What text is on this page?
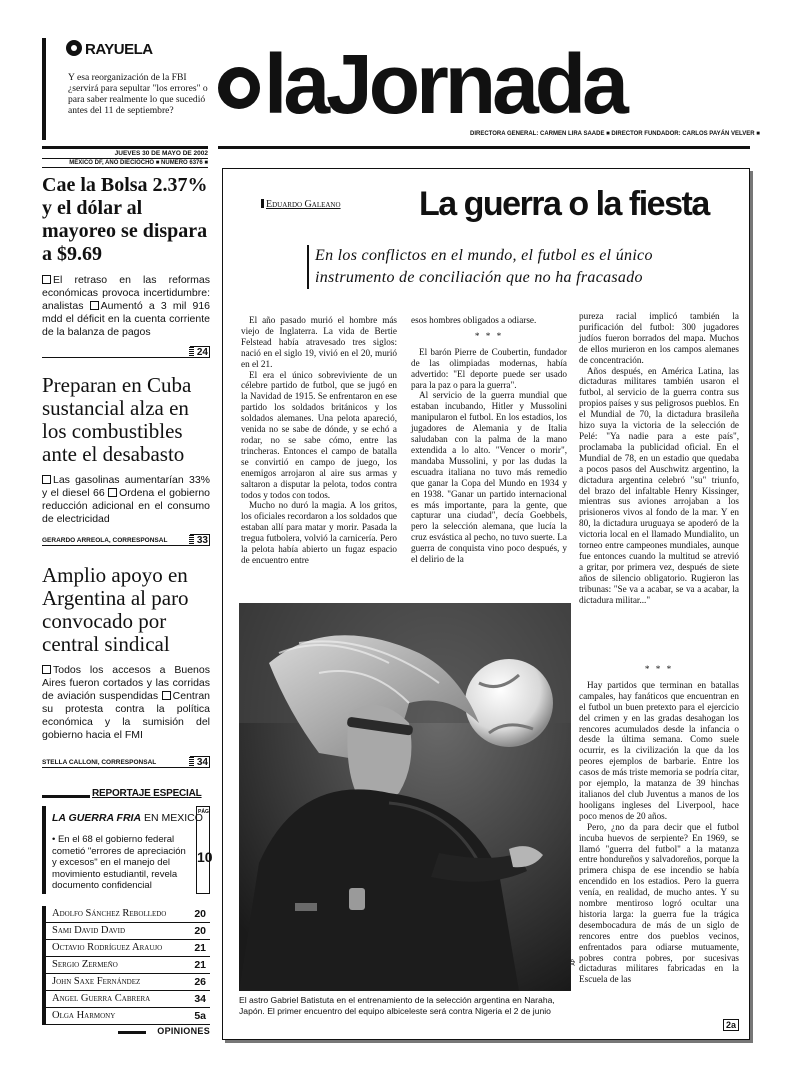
RAYUELA
Y esa reorganización de la FBI ¿servirá para sepultar "los errores" o para saber realmente lo que sucedió antes del 11 de septiembre?	laJornada
DIRECTORA GENERAL: CARMEN LIRA SAADE ■ DIRECTOR FUNDADOR: CARLOS PAYÁN VELVER ■
JUEVES 30 DE MAYO DE 2002
MÉXICO DF, AÑO DIECIOCHO ■ NÚMERO 6376 ■
Cae la Bolsa 2.37% y el dólar al mayoreo se dispara a $9.69
El retraso en las reformas económicas provoca incertidumbre: analistas Aumentó a 3 mil 916 mdd el déficit en la cuenta corriente de la balanza de pagos
24
Preparan en Cuba sustancial alza en los combustibles ante el desabasto
Las gasolinas aumentarían 33% y el diesel 66 Ordena el gobierno reducción adicional en el consumo de electricidad
GERARDO ARREOLA, CORRESPONSAL	33
Amplio apoyo en Argentina al paro convocado por central sindical
Todos los accesos a Buenos Aires fueron cortados y las corridas de aviación suspendidas Centran su protesta contra la política económica y la sumisión del gobierno hacia el FMI
STELLA CALLONI, CORRESPONSAL	34
REPORTAJE ESPECIAL
LA GUERRA FRIA EN MEXICO
• En el 68 el gobierno federal cometió "errores de apreciación y excesos" en el manejo del movimiento estudiantil, revela documento confidencial
PÁG
10
Adolfo Sánchez Rebolledo	20
Sami David David	20
Octavio Rodríguez Araujo	21
Sergio Zermeño	21
John Saxe Fernández	26
Angel Guerra Cabrera	34
Olga Harmony	5a
OPINIONES
Eduardo Galeano La guerra o la fiesta
En los conflictos en el mundo, el futbol es el único instrumento de conciliación que no ha fracasado

El año pasado murió el hombre más viejo de Inglaterra. La vida de Bertie Felstead había atravesado tres siglos: nació en el siglo 19, vivió en el 20, murió en el 21.

El era el único sobreviviente de un célebre partido de futbol, que se jugó en la Navidad de 1915. Se enfrentaron en ese partido los soldados británicos y los soldados alemanes. Una pelota apareció, venida no se sabe de dónde, y se echó a rodar, no se sabe cómo, entre las trincheras. Entonces el campo de batalla se convirtió en campo de juego, los enemigos arrojaron al aire sus armas y saltaron a disputar la pelota, todos contra todos y todos con todos.

Mucho no duró la magia. A los gritos, los oficiales recordaron a los soldados que estaban allí para matar y morir. Pasada la tregua futbolera, volvió la carnicería. Pero la pelota había abierto un fugaz espacio de encuentro entre

esos hombres obligados a odiarse.

* * *

El barón Pierre de Coubertin, fundador de las olimpiadas modernas, había advertido: "El deporte puede ser usado para la paz o para la guerra".

Al servicio de la guerra mundial que estaban incubando, Hitler y Mussolini manipularon el futbol. En los estadios, los jugadores de Alemania y de Italia saludaban con la palma de la mano extendida a lo alto. "Vencer o morir", mandaba Mussolini, y por las dudas la escuadra italiana no tuvo más remedio que ganar la Copa del Mundo en 1934 y en 1938. "Ganar un partido internacional es más importante, para la gente, que capturar una ciudad", decía Goebbels, pero la selección alemana, que lucía la cruz esvástica al pecho, no tuvo suerte. La guerra de conquista vino poco después, y el delirio de la

pureza racial implicó también la purificación del futbol: 300 jugadores judíos fueron borrados del mapa. Muchos de ellos murieron en los campos alemanes de concentración.

Años después, en América Latina, las dictaduras militares también usaron el futbol, al servicio de la guerra contra sus propios países y sus peligrosos pueblos. En el Mundial de 70, la dictadura brasileña hizo suya la victoria de la selección de Pelé: "Ya nadie para a este país", proclamaba la publicidad oficial. En el Mundial de 78, en un estadio que quedaba a pocos pasos del Auschwitz argentino, la dictadura argentina celebró "su" triunfo, del brazo del infaltable Henry Kissinger, mientras sus aviones arrojaban a los prisioneros vivos al fondo de la mar. Y en 80, la dictadura uruguaya se apoderó de la victoria local en el llamado Mundialito, un torneo entre campeones mundiales, aunque fue entonces cuando la multitud se atrevió a gritar, por primera vez, después de siete años de silencio obligatorio. Rugieron las tribunas: "Se va a acabar, se va a acabar, la dictadura militar..."

* * *

Hay partidos que terminan en batallas campales, hay fanáticos que encuentran en el futbol un buen pretexto para el ejercicio del crimen y en las gradas desahogan los rencores acumulados desde la infancia o desde la última semana. Como suele ocurrir, es la civilización la que da los peores ejemplos de barbarie. Entre los casos de más triste memoria se podría citar, por ejemplo, la matanza de 39 hinchas italianos del club Juventus a manos de los hooligans ingleses del Liverpool, hace poco menos de 20 años.

Pero, ¿no da para decir que el futbol incuba huevos de serpiente? En 1969, se llamó "guerra del futbol" a la matanza entre hondureños y salvadoreños, porque la primera chispa de ese incendio se había encendido en los estadios. Pero la guerra venía, en realidad, de mucho antes. Y su nombre mentiroso logró ocultar una historia larga: la guerra fue la trágica desembocadura de más de un siglo de rencores entre dos pueblos vecinos, enfrentados para odiarse mutuamente, pobres contra pobres, por sucesivas dictaduras militares fabricadas en la Escuela de las

AP
El astro Gabriel Batistuta en el entrenamiento de la selección argentina en Naraha, Japón. El primer encuentro del equipo albiceleste será contra Nigeria el 2 de junio
2a
